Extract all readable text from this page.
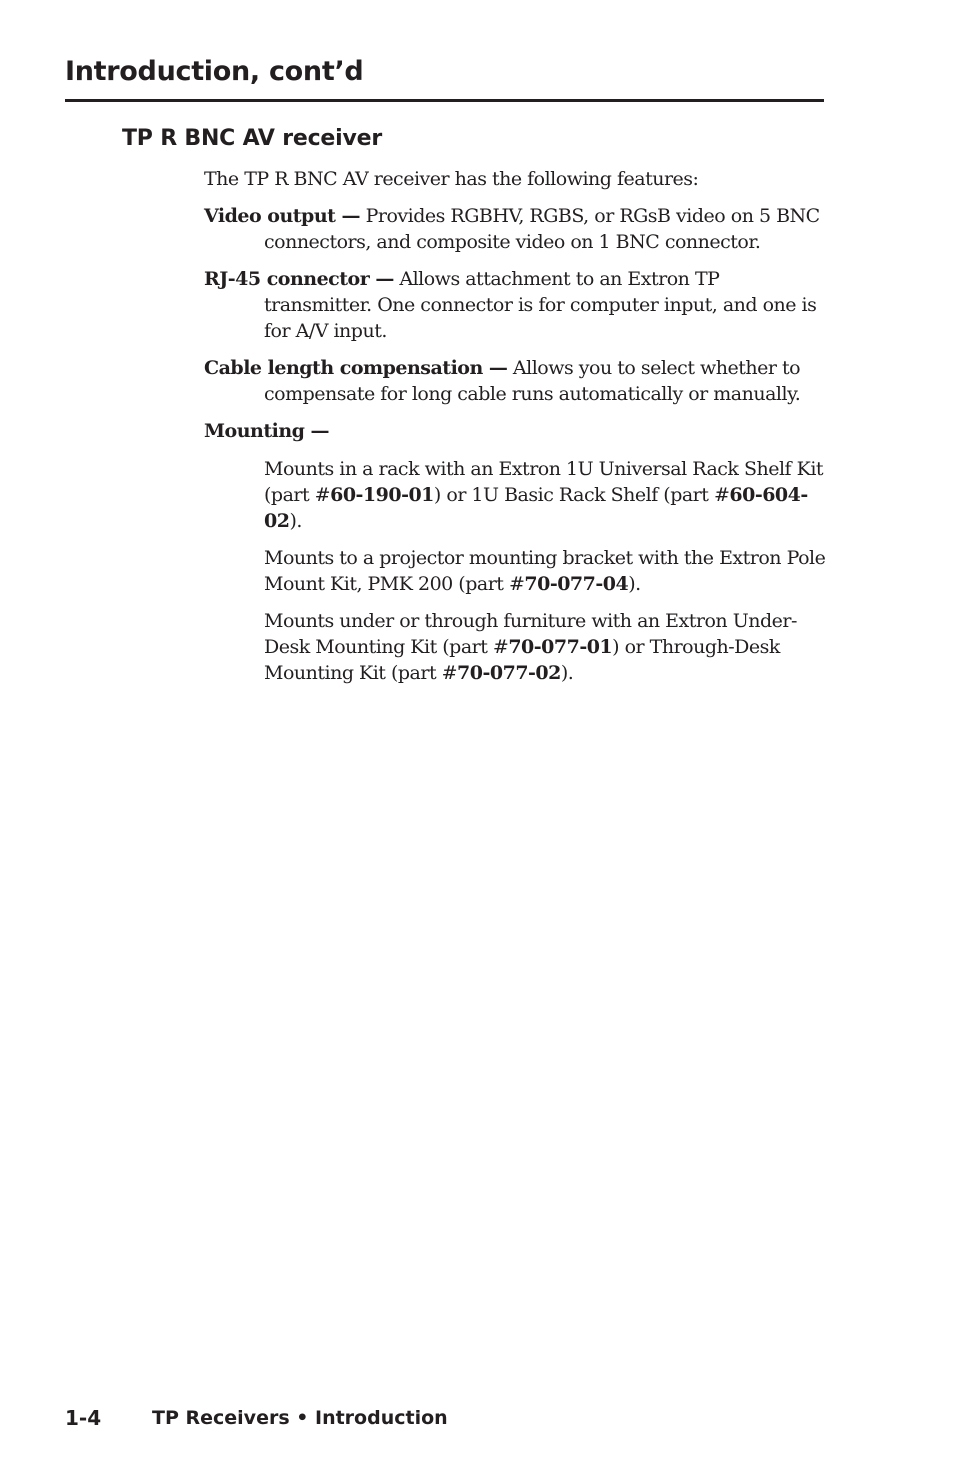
Introduction, cont’d
TP R BNC AV receiver

The TP R BNC AV receiver has the following features:

Video output — Provides RGBHV, RGBS, or RGsB video on 5 BNC connectors, and composite video on 1 BNC connector.

RJ-45 connector — Allows attachment to an Extron TP transmitter. One connector is for computer input, and one is for A/V input.

Cable length compensation — Allows you to select whether to compensate for long cable runs automatically or manually.

Mounting —

Mounts in a rack with an Extron 1U Universal Rack Shelf Kit (part #60-190-01) or 1U Basic Rack Shelf (part #60-604-02).

Mounts to a projector mounting bracket with the Extron Pole Mount Kit, PMK 200 (part #70-077-04).

Mounts under or through furniture with an Extron Under-Desk Mounting Kit (part #70-077-01) or Through-Desk Mounting Kit (part #70-077-02).

1-4	TP Receivers • Introduction
